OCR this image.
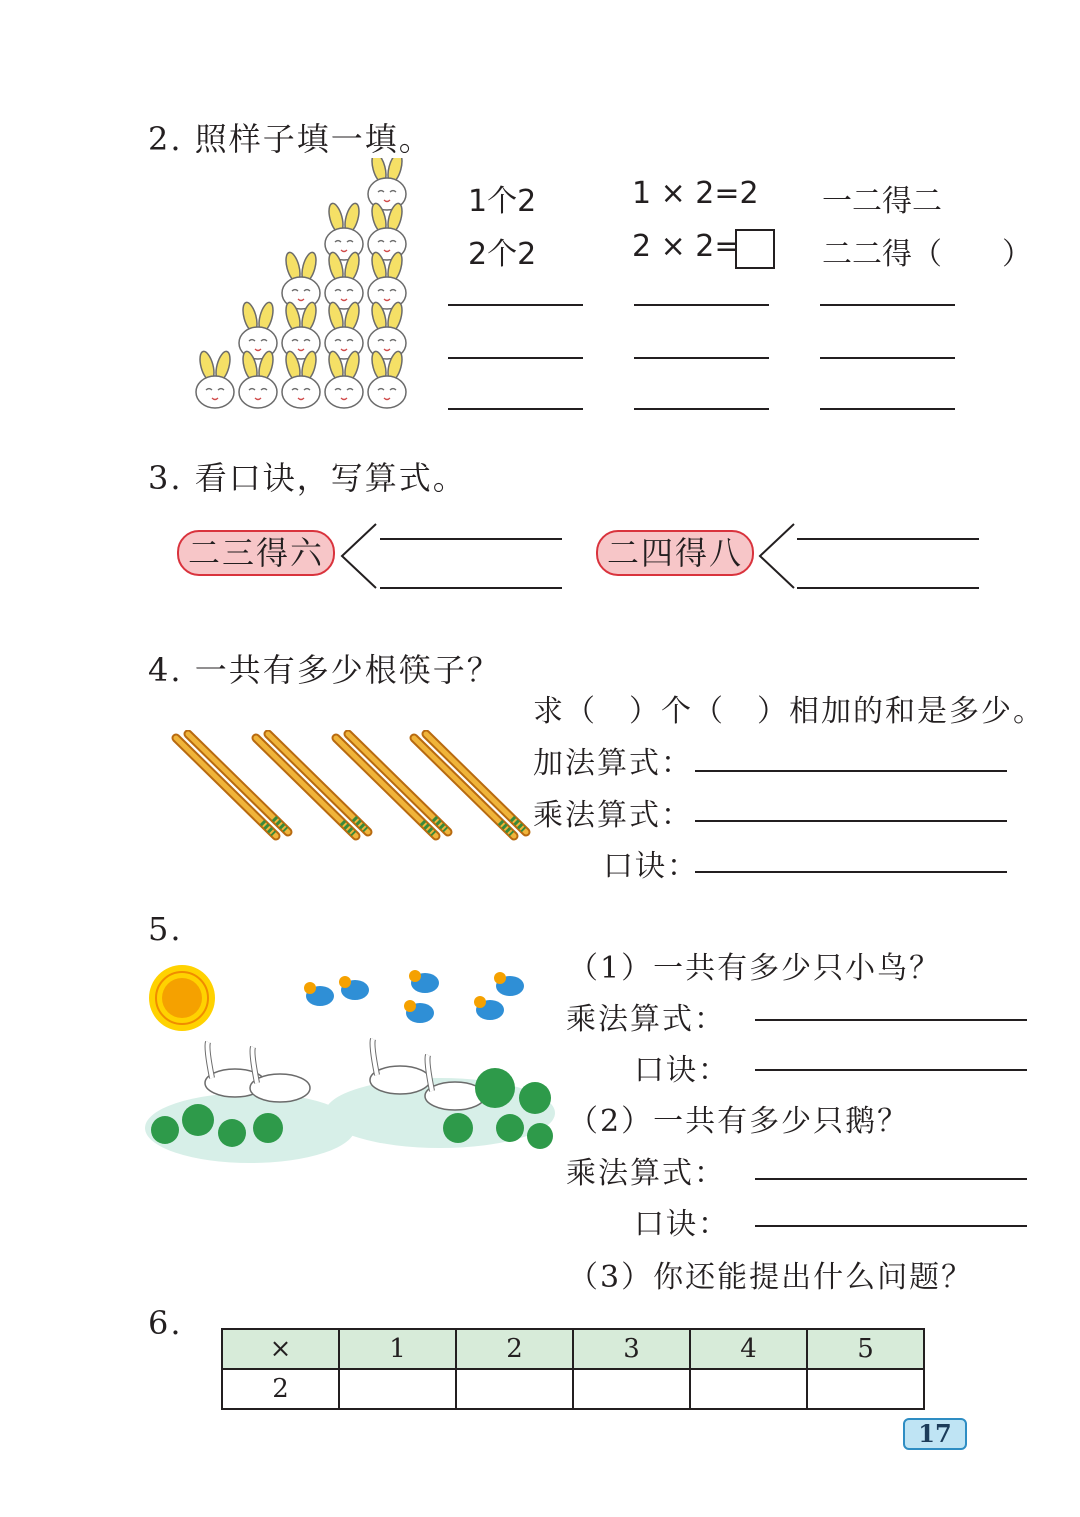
2. 照样子填一填。
1个2	1 × 2=2 一二得二
2个2	2 × 2=	二二得（　　）
3. 看口诀，写算式。
二三得六	二四得八
4. 一共有多少根筷子？
求（　）个（　）相加的和是多少。
加法算式：
乘法算式：
口诀：
5.
（1）一共有多少只小鸟？
乘法算式：
口诀：
（2）一共有多少只鹅？
乘法算式：
口诀：
（3）你还能提出什么问题？
6.
×	1	2	3	4	5
2					
17
